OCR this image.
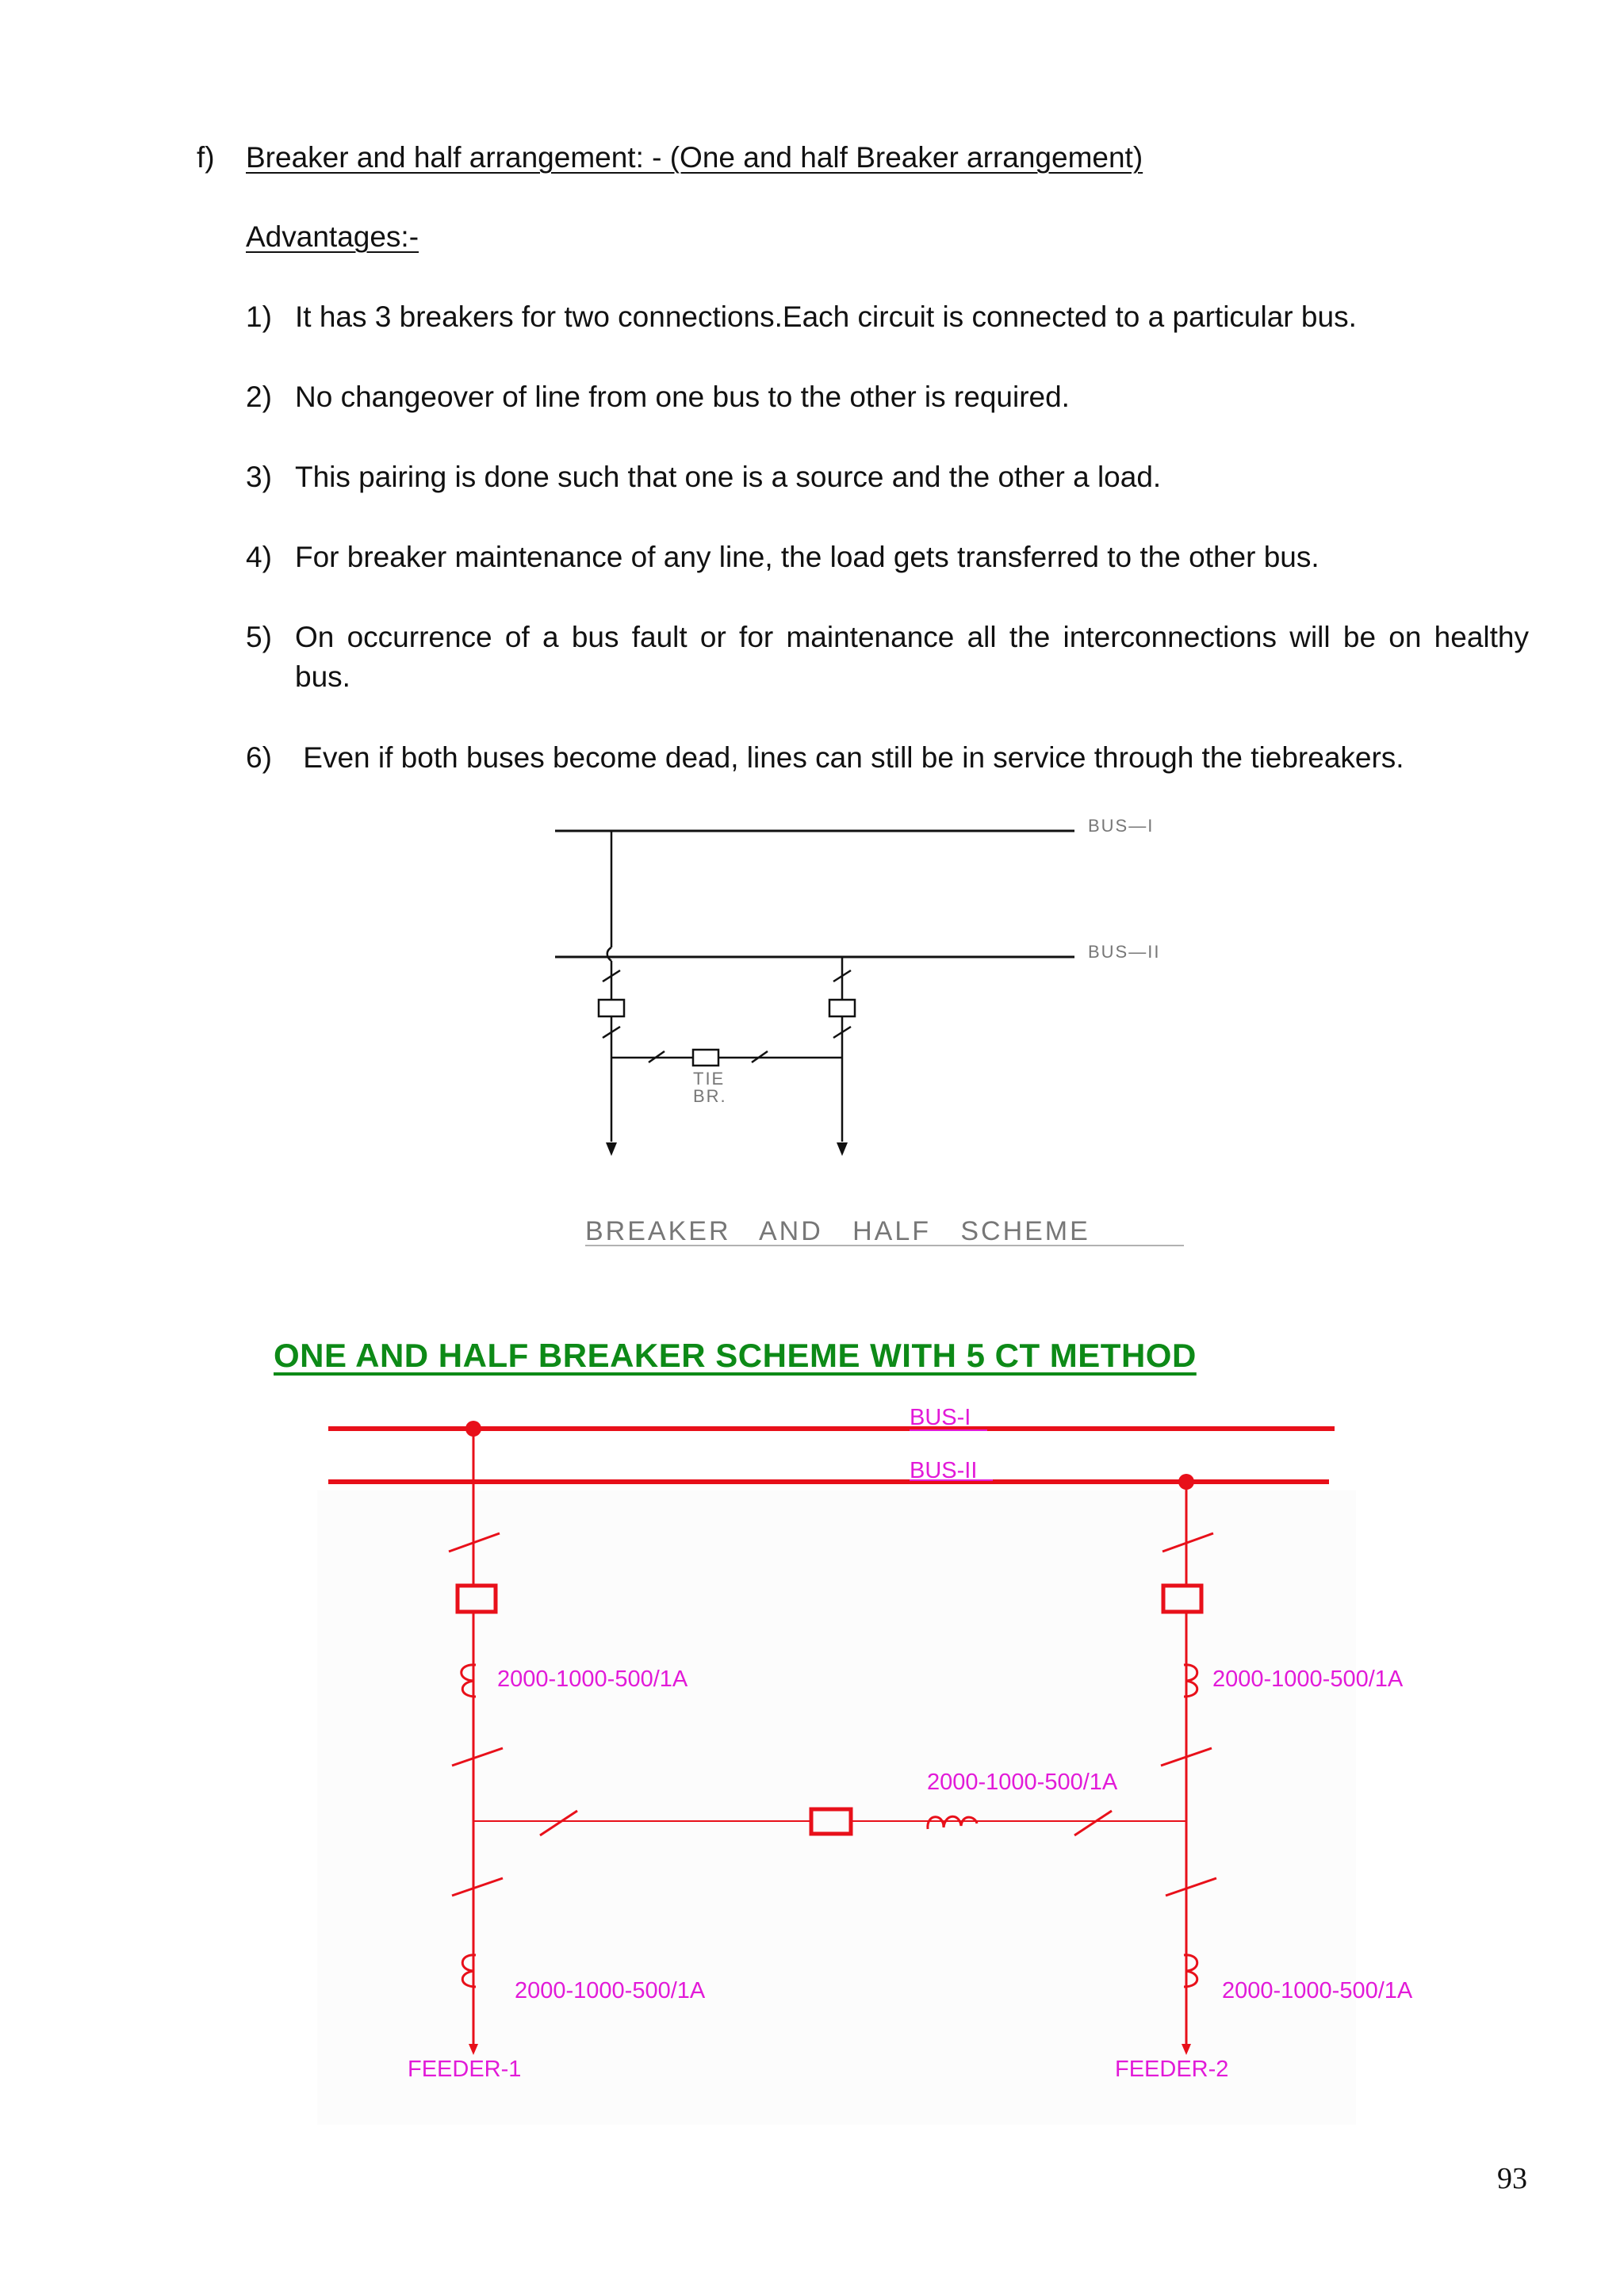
f) Breaker and half arrangement: - (One and half Breaker arrangement)
Advantages:-
1) It has 3 breakers for two connections.Each circuit is connected to a particular bus.
2) No changeover of line from one bus to the other is required.
3) This pairing is done such that one is a source and the other a load.
4) For breaker maintenance of any line, the load gets transferred to the other bus.
5) On occurrence of a bus fault or for maintenance all the interconnections will be on healthy
bus.
6) Even if both buses become dead, lines can still be in service through the tiebreakers.
BUS—I
BUS—II
TIE
BR.
BREAKER   AND   HALF   SCHEME
ONE AND HALF BREAKER SCHEME WITH 5 CT METHOD
BUS-I
BUS-II
2000-1000-500/1A	2000-1000-500/1A
2000-1000-500/1A
2000-1000-500/1A	2000-1000-500/1A
FEEDER-1	FEEDER-2
93
